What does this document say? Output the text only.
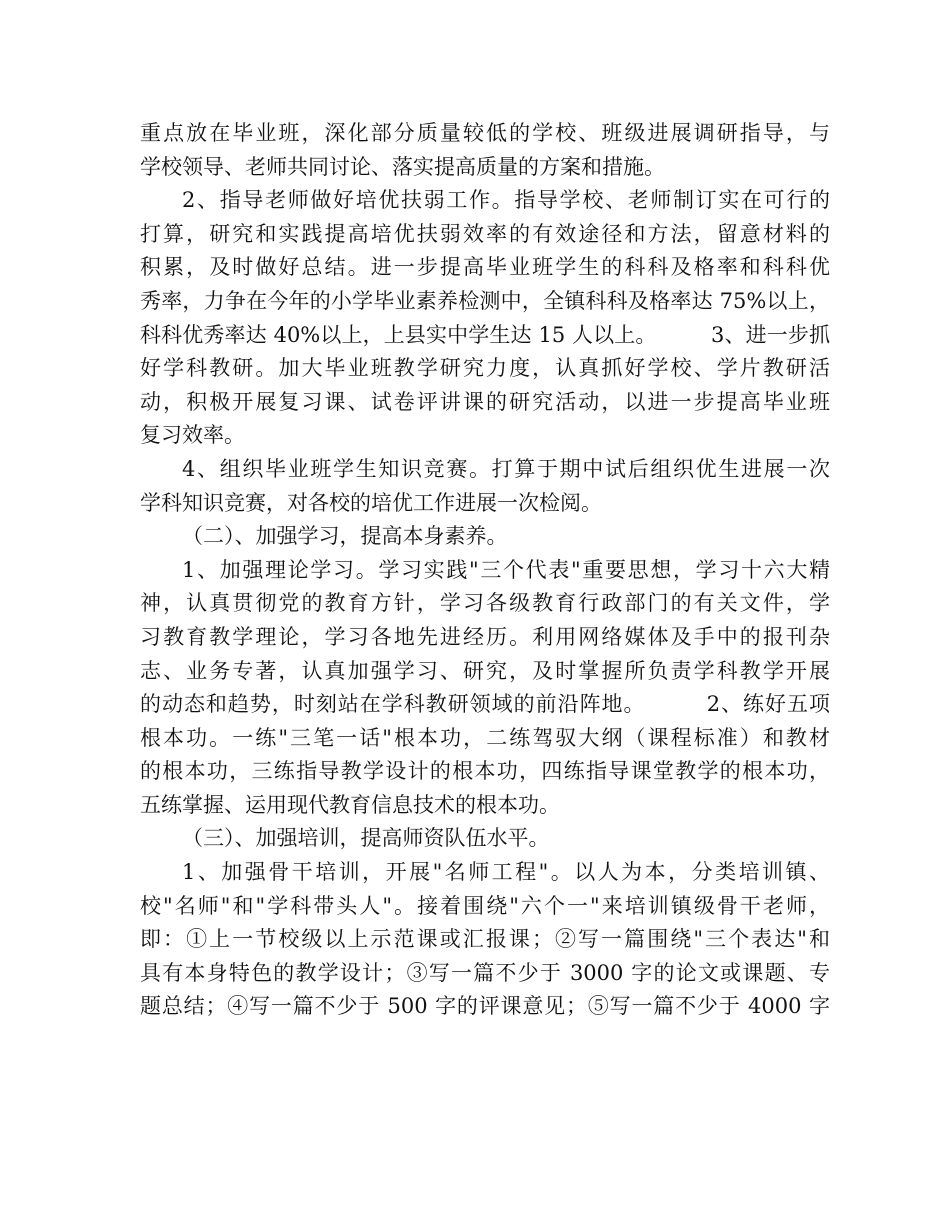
重点放在毕业班，深化部分质量较低的学校、班级进展调研指导，与
学校领导、老师共同讨论、落实提高质量的方案和措施。
2、指导老师做好培优扶弱工作。指导学校、老师制订实在可行的
打算，研究和实践提高培优扶弱效率的有效途径和方法，留意材料的
积累，及时做好总结。进一步提高毕业班学生的科科及格率和科科优
秀率，力争在今年的小学毕业素养检测中，全镇科科及格率达 75%以上，
科科优秀率达 40%以上，上县实中学生达 15 人以上。        3、进一步抓
好学科教研。加大毕业班教学研究力度，认真抓好学校、学片教研活
动，积极开展复习课、试卷评讲课的研究活动，以进一步提高毕业班
复习效率。
4、组织毕业班学生知识竞赛。打算于期中试后组织优生进展一次
学科知识竞赛，对各校的培优工作进展一次检阅。
（二）、加强学习，提高本身素养。
1、加强理论学习。学习实践"三个代表"重要思想，学习十六大精
神，认真贯彻党的教育方针，学习各级教育行政部门的有关文件，学
习教育教学理论，学习各地先进经历。利用网络媒体及手中的报刊杂
志、业务专著，认真加强学习、研究，及时掌握所负责学科教学开展
的动态和趋势，时刻站在学科教研领域的前沿阵地。        2、练好五项
根本功。一练"三笔一话"根本功，二练驾驭大纲（课程标准）和教材
的根本功，三练指导教学设计的根本功，四练指导课堂教学的根本功，
五练掌握、运用现代教育信息技术的根本功。
（三）、加强培训，提高师资队伍水平。
1、加强骨干培训，开展"名师工程"。以人为本，分类培训镇、
校"名师"和"学科带头人"。接着围绕"六个一"来培训镇级骨干老师，
即：①上一节校级以上示范课或汇报课；②写一篇围绕"三个表达"和
具有本身特色的教学设计；③写一篇不少于 3000 字的论文或课题、专
题总结；④写一篇不少于 500 字的评课意见；⑤写一篇不少于 4000 字
